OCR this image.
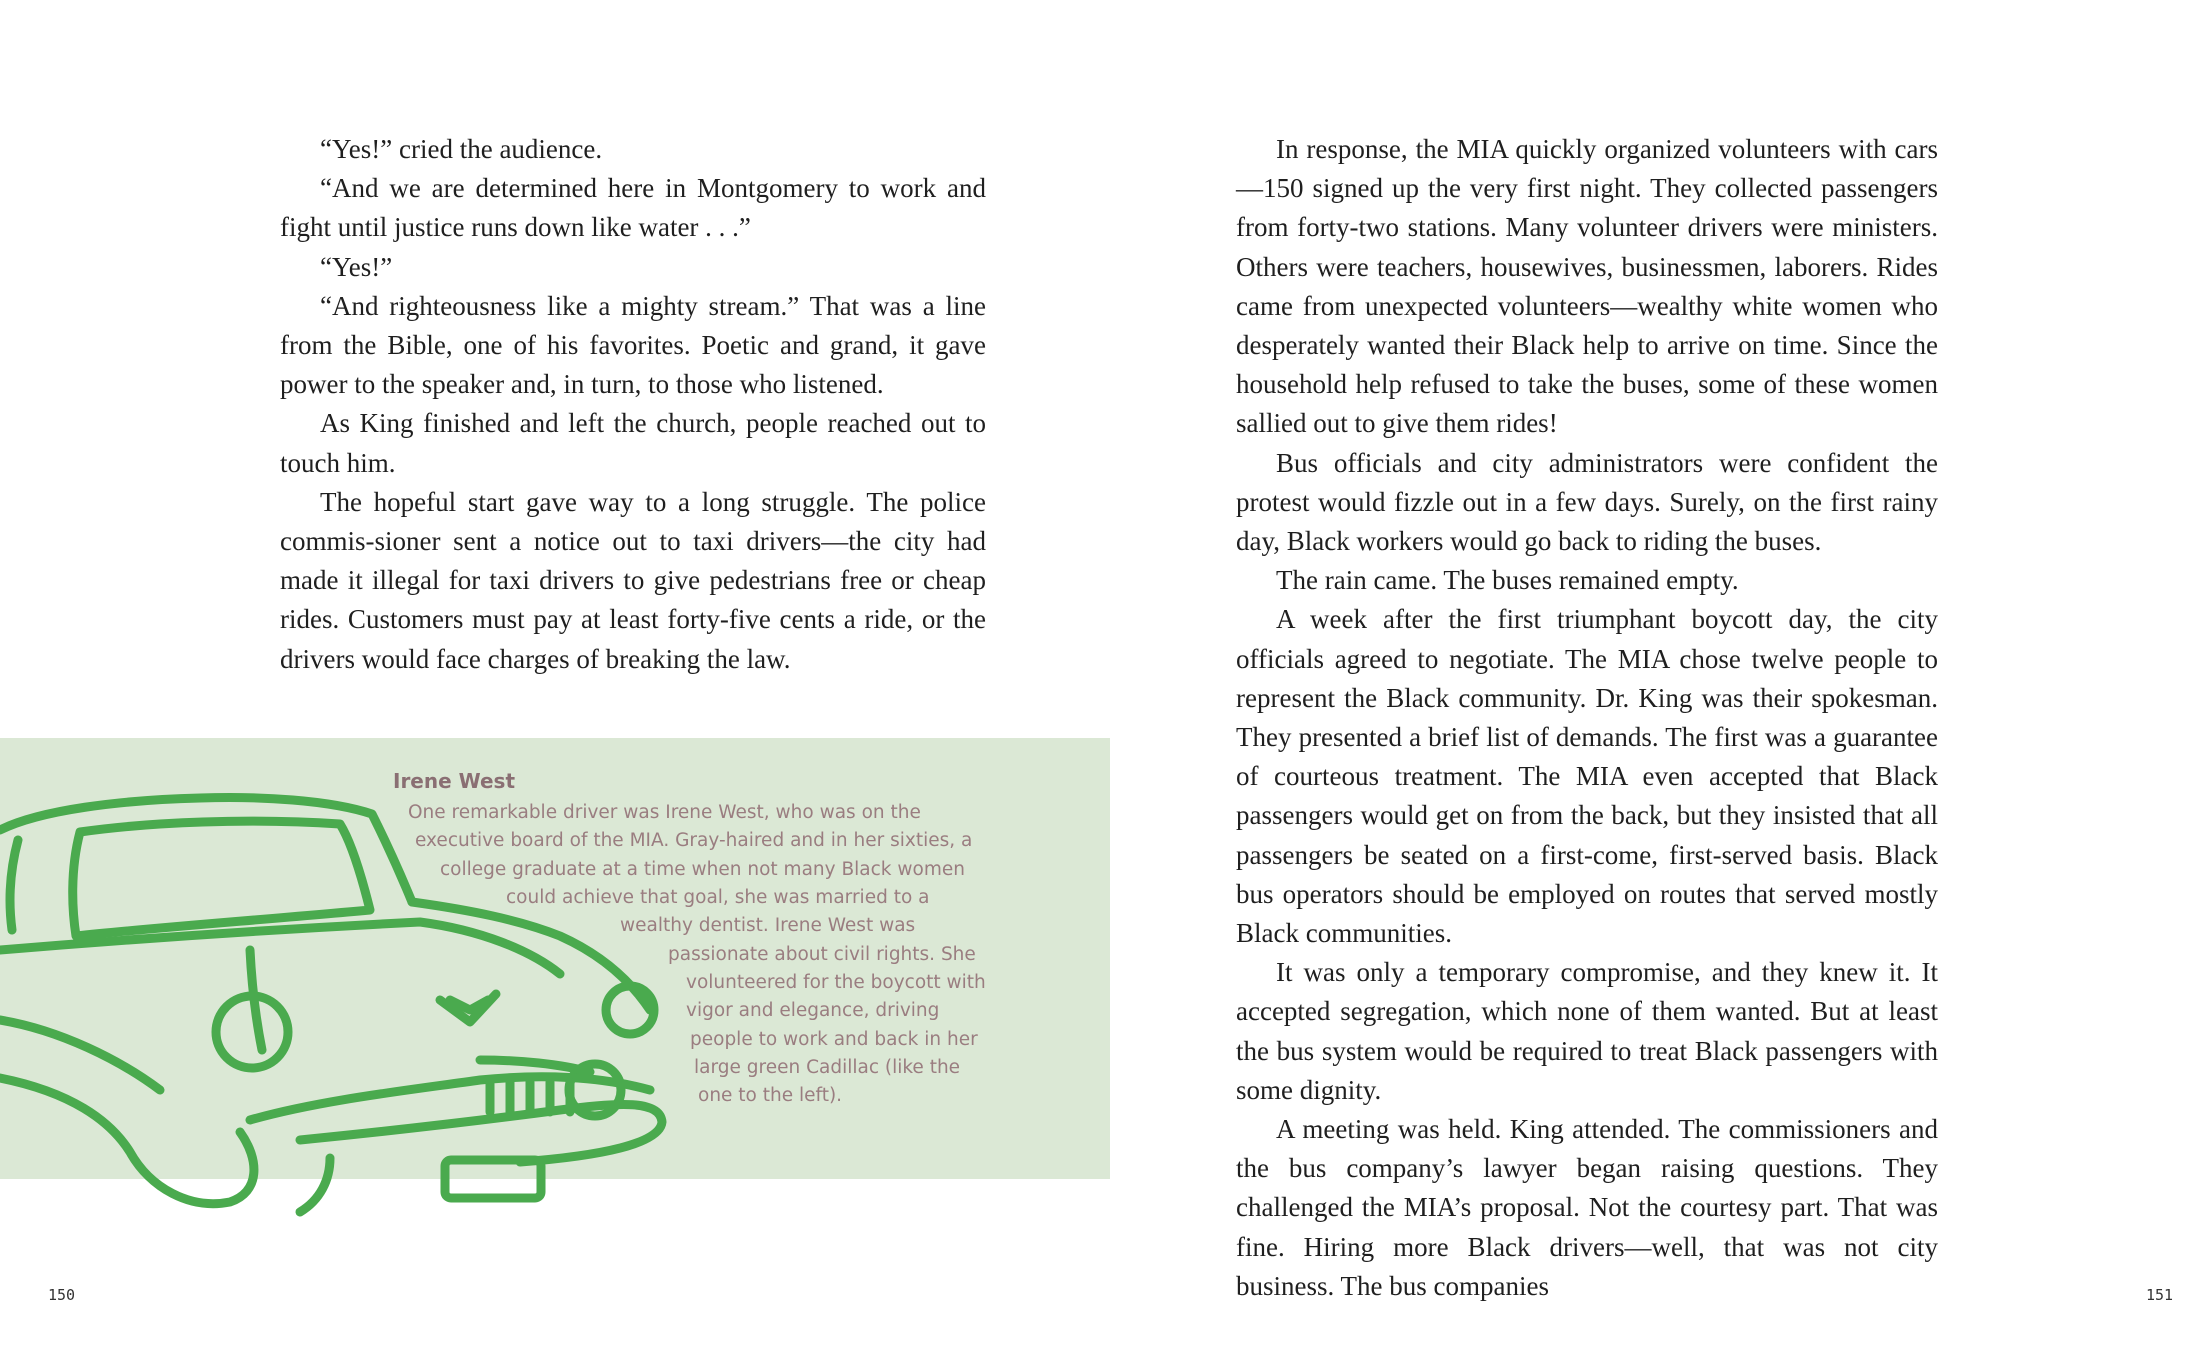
“Yes!” cried the audience.

“And we are determined here in Montgomery to work and fight until justice runs down like water . . .”

“Yes!”

“And righteousness like a mighty stream.” That was a line from the Bible, one of his favorites. Poetic and grand, it gave power to the speaker and, in turn, to those who listened.

As King finished and left the church, people reached out to touch him.

The hopeful start gave way to a long struggle. The police commis-sioner sent a notice out to taxi drivers—the city had made it illegal for taxi drivers to give pedestrians free or cheap rides. Customers must pay at least forty-five cents a ride, or the drivers would face charges of breaking the law.

Irene West
One remarkable driver was Irene West, who was on the
executive board of the MIA. Gray-haired and in her sixties, a
college graduate at a time when not many Black women
could achieve that goal, she was married to a
wealthy dentist. Irene West was
passionate about civil rights. She
volunteered for the boycott with
vigor and elegance, driving
people to work and back in her
large green Cadillac (like the
one to the left).

In response, the MIA quickly organized volunteers with cars—150 signed up the very first night. They collected passengers from forty-two stations. Many volunteer drivers were ministers. Others were teachers, housewives, businessmen, laborers. Rides came from unexpected volunteers—wealthy white women who desperately wanted their Black help to arrive on time. Since the household help refused to take the buses, some of these women sallied out to give them rides!

Bus officials and city administrators were confident the protest would fizzle out in a few days. Surely, on the first rainy day, Black workers would go back to riding the buses.

The rain came. The buses remained empty.

A week after the first triumphant boycott day, the city officials agreed to negotiate. The MIA chose twelve people to represent the Black community. Dr. King was their spokesman. They presented a brief list of demands. The first was a guarantee of courteous treatment. The MIA even accepted that Black passengers would get on from the back, but they insisted that all passengers be seated on a first-come, first-served basis. Black bus operators should be employed on routes that served mostly Black communities.

It was only a temporary compromise, and they knew it. It accepted segregation, which none of them wanted. But at least the bus system would be required to treat Black passengers with some dignity.

A meeting was held. King attended. The commissioners and the bus company’s lawyer began raising questions. They challenged the MIA’s proposal. Not the courtesy part. That was fine. Hiring more Black drivers—well, that was not city business. The bus companies

150	151
